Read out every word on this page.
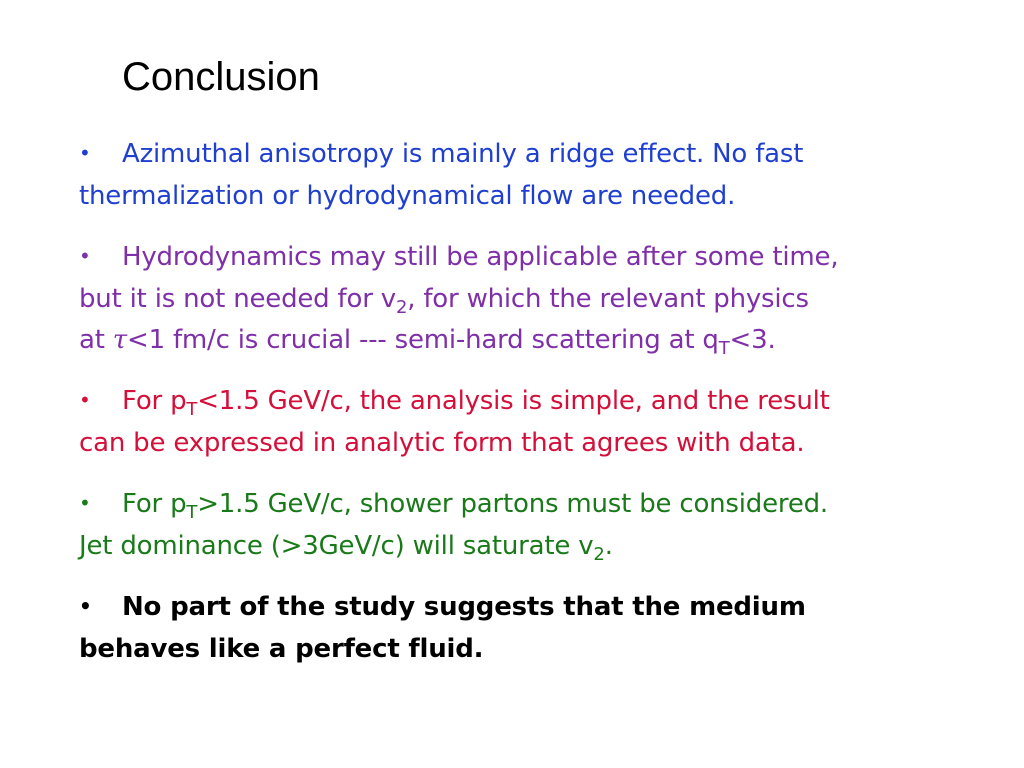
Conclusion
• Azimuthal anisotropy is mainly a ridge effect. No fast
thermalization or hydrodynamical flow are needed.
• Hydrodynamics may still be applicable after some time,
but it is not needed for $v_2$, for which the relevant physics
at τ<1 fm/c is crucial --- semi-hard scattering at $q_T<3$.
• For $p_T<1.5$ GeV/c, the analysis is simple, and the result
can be expressed in analytic form that agrees with data.
• For $p_T>1.5$ GeV/c, shower partons must be considered.
Jet dominance (>3GeV/c) will saturate $v_2$.
• No part of the study suggests that the medium
behaves like a perfect fluid.
